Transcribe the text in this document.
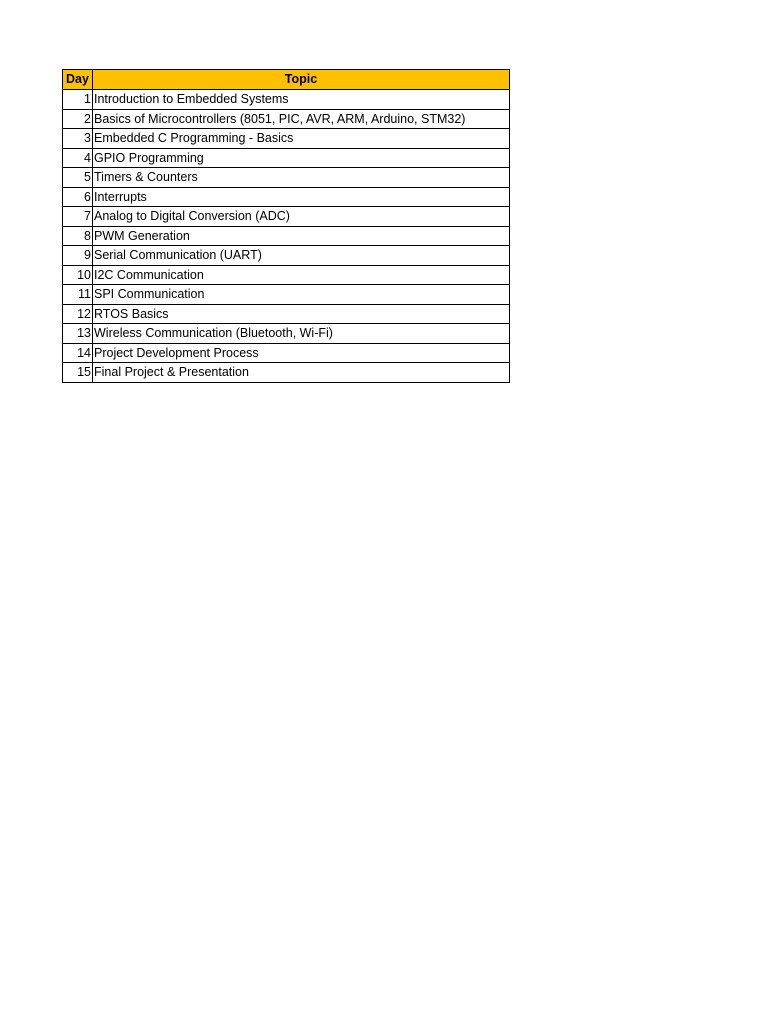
Day	Topic
1	Introduction to Embedded Systems
2	Basics of Microcontrollers (8051, PIC, AVR, ARM, Arduino, STM32)
3	Embedded C Programming - Basics
4	GPIO Programming
5	Timers & Counters
6	Interrupts
7	Analog to Digital Conversion (ADC)
8	PWM Generation
9	Serial Communication (UART)
10	I2C Communication
11	SPI Communication
12	RTOS Basics
13	Wireless Communication (Bluetooth, Wi-Fi)
14	Project Development Process
15	Final Project & Presentation
